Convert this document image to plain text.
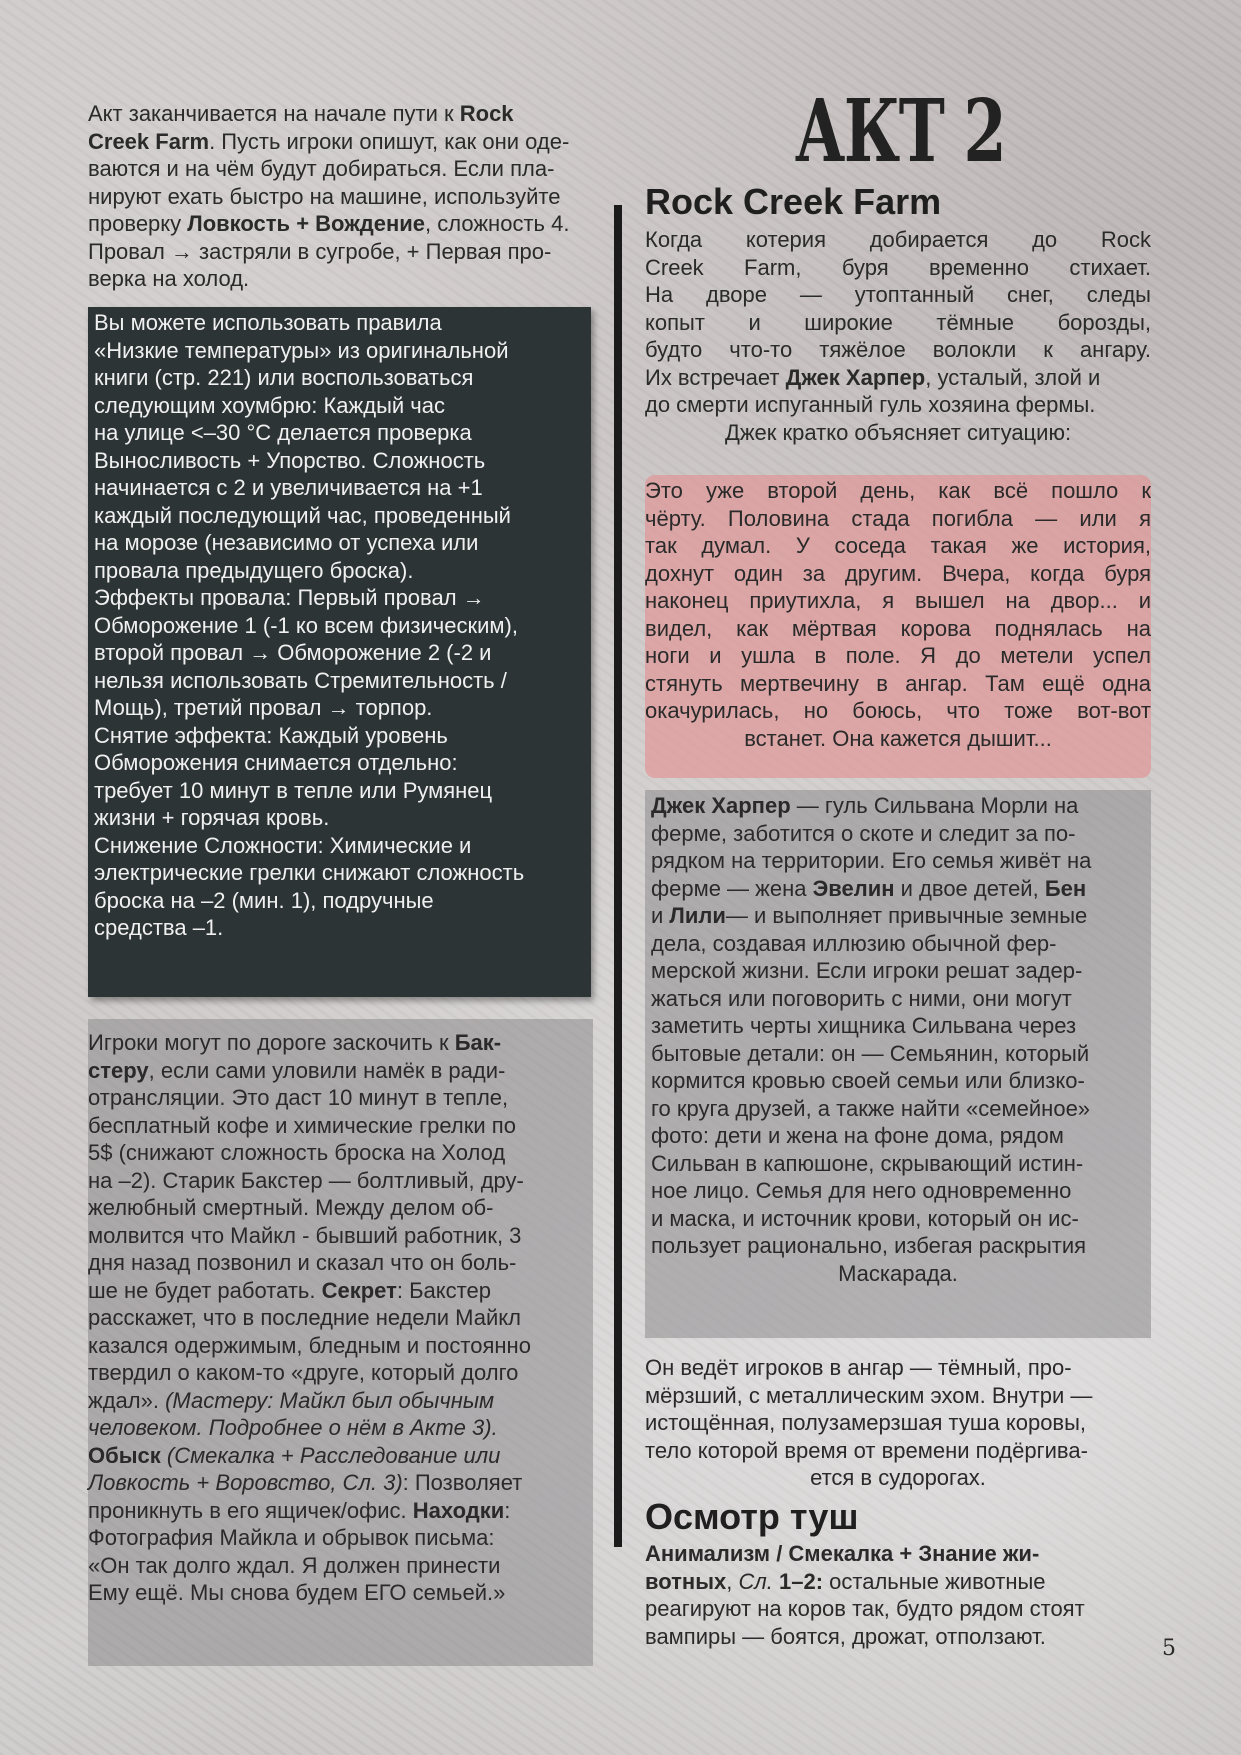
Акт заканчивается на начале пути к Rock
Creek Farm. Пусть игроки опишут, как они оде-
ваются и на чём будут добираться. Если пла-
нируют ехать быстро на машине, используйте
проверку Ловкость + Вождение, сложность 4.
Провал → застряли в сугробе, + Первая про-
верка на холод.
Вы можете использовать правила
«Низкие температуры» из оригинальной
книги (стр. 221) или воспользоваться
следующим хоумбрю: Каждый час
на улице <–30 °C делается проверка
Выносливость + Упорство. Сложность
начинается с 2 и увеличивается на +1
каждый последующий час, проведенный
на морозе (независимо от успеха или
провала предыдущего броска).
Эффекты провала: Первый провал →
Обморожение 1 (-1 ко всем физическим),
второй провал → Обморожение 2 (-2 и
нельзя использовать Стремительность /
Мощь), третий провал → торпор.
Снятие эффекта: Каждый уровень
Обморожения снимается отдельно:
требует 10 минут в тепле или Румянец
жизни + горячая кровь.
Снижение Сложности: Химические и
электрические грелки снижают сложность
броска на –2 (мин. 1), подручные
средства –1.
Игроки могут по дороге заскочить к Бак-
стеру, если сами уловили намёк в ради-
отрансляции. Это даст 10 минут в тепле,
бесплатный кофе и химические грелки по
5$ (снижают сложность броска на Холод
на –2). Старик Бакстер — болтливый, дру-
желюбный смертный. Между делом об-
молвится что Майкл - бывший работник, 3
дня назад позвонил и сказал что он боль-
ше не будет работать. Секрет: Бакстер
расскажет, что в последние недели Майкл
казался одержимым, бледным и постоянно
твердил о каком-то «друге, который долго
ждал». (Мастеру: Майкл был обычным
человеком. Подробнее о нём в Акте 3).
Обыск (Смекалка + Расследование или
Ловкость + Воровство, Сл. 3): Позволяет
проникнуть в его ящичек/офис. Находки:
Фотография Майкла и обрывок письма:
«Он так долго ждал. Я должен принести
Ему ещё. Мы снова будем ЕГО семьей.»
АКТ 2
Rock Creek Farm
Когда котерия добирается до Rock
Creek Farm, буря временно стихает.
На дворе — утоптанный снег, следы
копыт и широкие тёмные борозды,
будто что-то тяжёлое волокли к ангару.
Их встречает Джек Харпер, усталый, злой и
до смерти испуганный гуль хозяина фермы.
Джек кратко объясняет ситуацию:
Это уже второй день, как всё пошло к
чёрту. Половина стада погибла — или я
так думал. У соседа такая же история,
дохнут один за другим. Вчера, когда буря
наконец приутихла, я вышел на двор... и
видел, как мёртвая корова поднялась на
ноги и ушла в поле. Я до метели успел
стянуть мертвечину в ангар. Там ещё одна
окачурилась, но боюсь, что тоже вот-вот
встанет. Она кажется дышит...
Джек Харпер — гуль Сильвана Морли на
ферме, заботится о скоте и следит за по-
рядком на территории. Его семья живёт на
ферме — жена Эвелин и двое детей, Бен
и Лили— и выполняет привычные земные
дела, создавая иллюзию обычной фер-
мерской жизни. Если игроки решат задер-
жаться или поговорить с ними, они могут
заметить черты хищника Сильвана через
бытовые детали: он — Семьянин, который
кормится кровью своей семьи или близко-
го круга друзей, а также найти «семейное»
фото: дети и жена на фоне дома, рядом
Сильван в капюшоне, скрывающий истин-
ное лицо. Семья для него одновременно
и маска, и источник крови, который он ис-
пользует рационально, избегая раскрытия
Маскарада.
Он ведёт игроков в ангар — тёмный, про-
мёрзший, с металлическим эхом. Внутри —
истощённая, полузамерзшая туша коровы,
тело которой время от времени подёргива-
ется в судорогах.
Осмотр туш
Анимализм / Смекалка + Знание жи-
вотных, Сл. 1–2: остальные животные
реагируют на коров так, будто рядом стоят
вампиры — боятся, дрожат, отползают.	5
